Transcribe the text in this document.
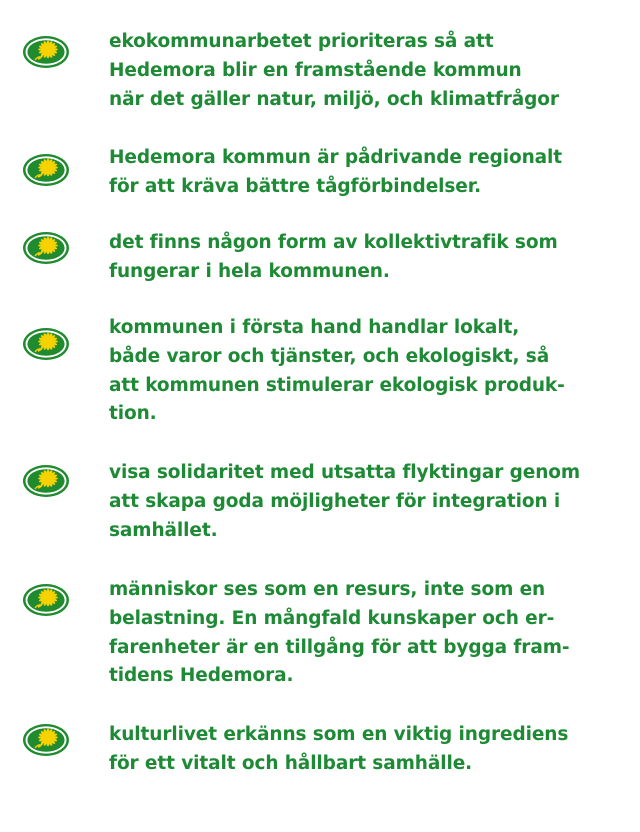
ekokommunarbetet prioriteras så att
Hedemora blir en framstående kommun
när det gäller natur, miljö, och klimatfrågor

Hedemora kommun är pådrivande regionalt
för att kräva bättre tågförbindelser.

det finns någon form av kollektivtrafik som
fungerar i hela kommunen.

kommunen i första hand handlar lokalt,
både varor och tjänster, och ekologiskt, så
att kommunen stimulerar ekologisk produk-
tion.

visa solidaritet med utsatta flyktingar genom
att skapa goda möjligheter för integration i
samhället.

människor ses som en resurs, inte som en
belastning. En mångfald kunskaper och er-
farenheter är en tillgång för att bygga fram-
tidens Hedemora.

kulturlivet erkänns som en viktig ingrediens
för ett vitalt och hållbart samhälle.
